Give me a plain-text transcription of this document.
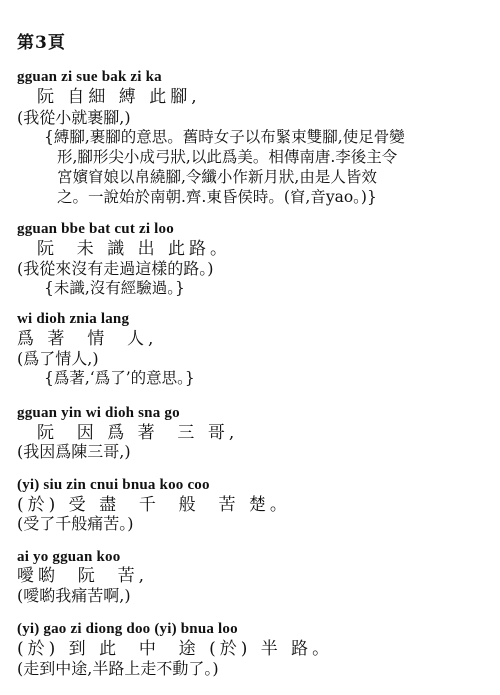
第3頁
gguan zi sue bak zi ka
阮 自細 縛 此腳,
(我從小就裹腳,)
{縛腳,裹腳的意思。舊時女子以布緊束雙腳,使足骨變
形,腳形尖小成弓狀,以此爲美。相傳南唐.李後主令
宮嬪窅娘以帛繞腳,令纖小作新月狀,由是人皆效
之。一說始於南朝.齊.東昏侯時。(窅,音yao。)}
gguan bbe bat cut zi loo
阮  未 識 出 此路。
(我從來沒有走過這樣的路。)
{未識,沒有經驗過。}
wi dioh znia lang
爲 著  情  人,
(爲了情人,)
{爲著,‘爲了’的意思。}
gguan yin wi dioh sna go
阮  因 爲 著  三 哥,
(我因爲陳三哥,)
(yi) siu zin cnui bnua koo coo
(於) 受 盡  千  般  苦 楚。
(受了千般痛苦。)
ai yo gguan koo
噯喲  阮  苦,
(噯喲我痛苦啊,)
(yi) gao zi diong doo (yi) bnua loo
(於) 到 此  中  途 (於) 半 路。
(走到中途,半路上走不動了。)
